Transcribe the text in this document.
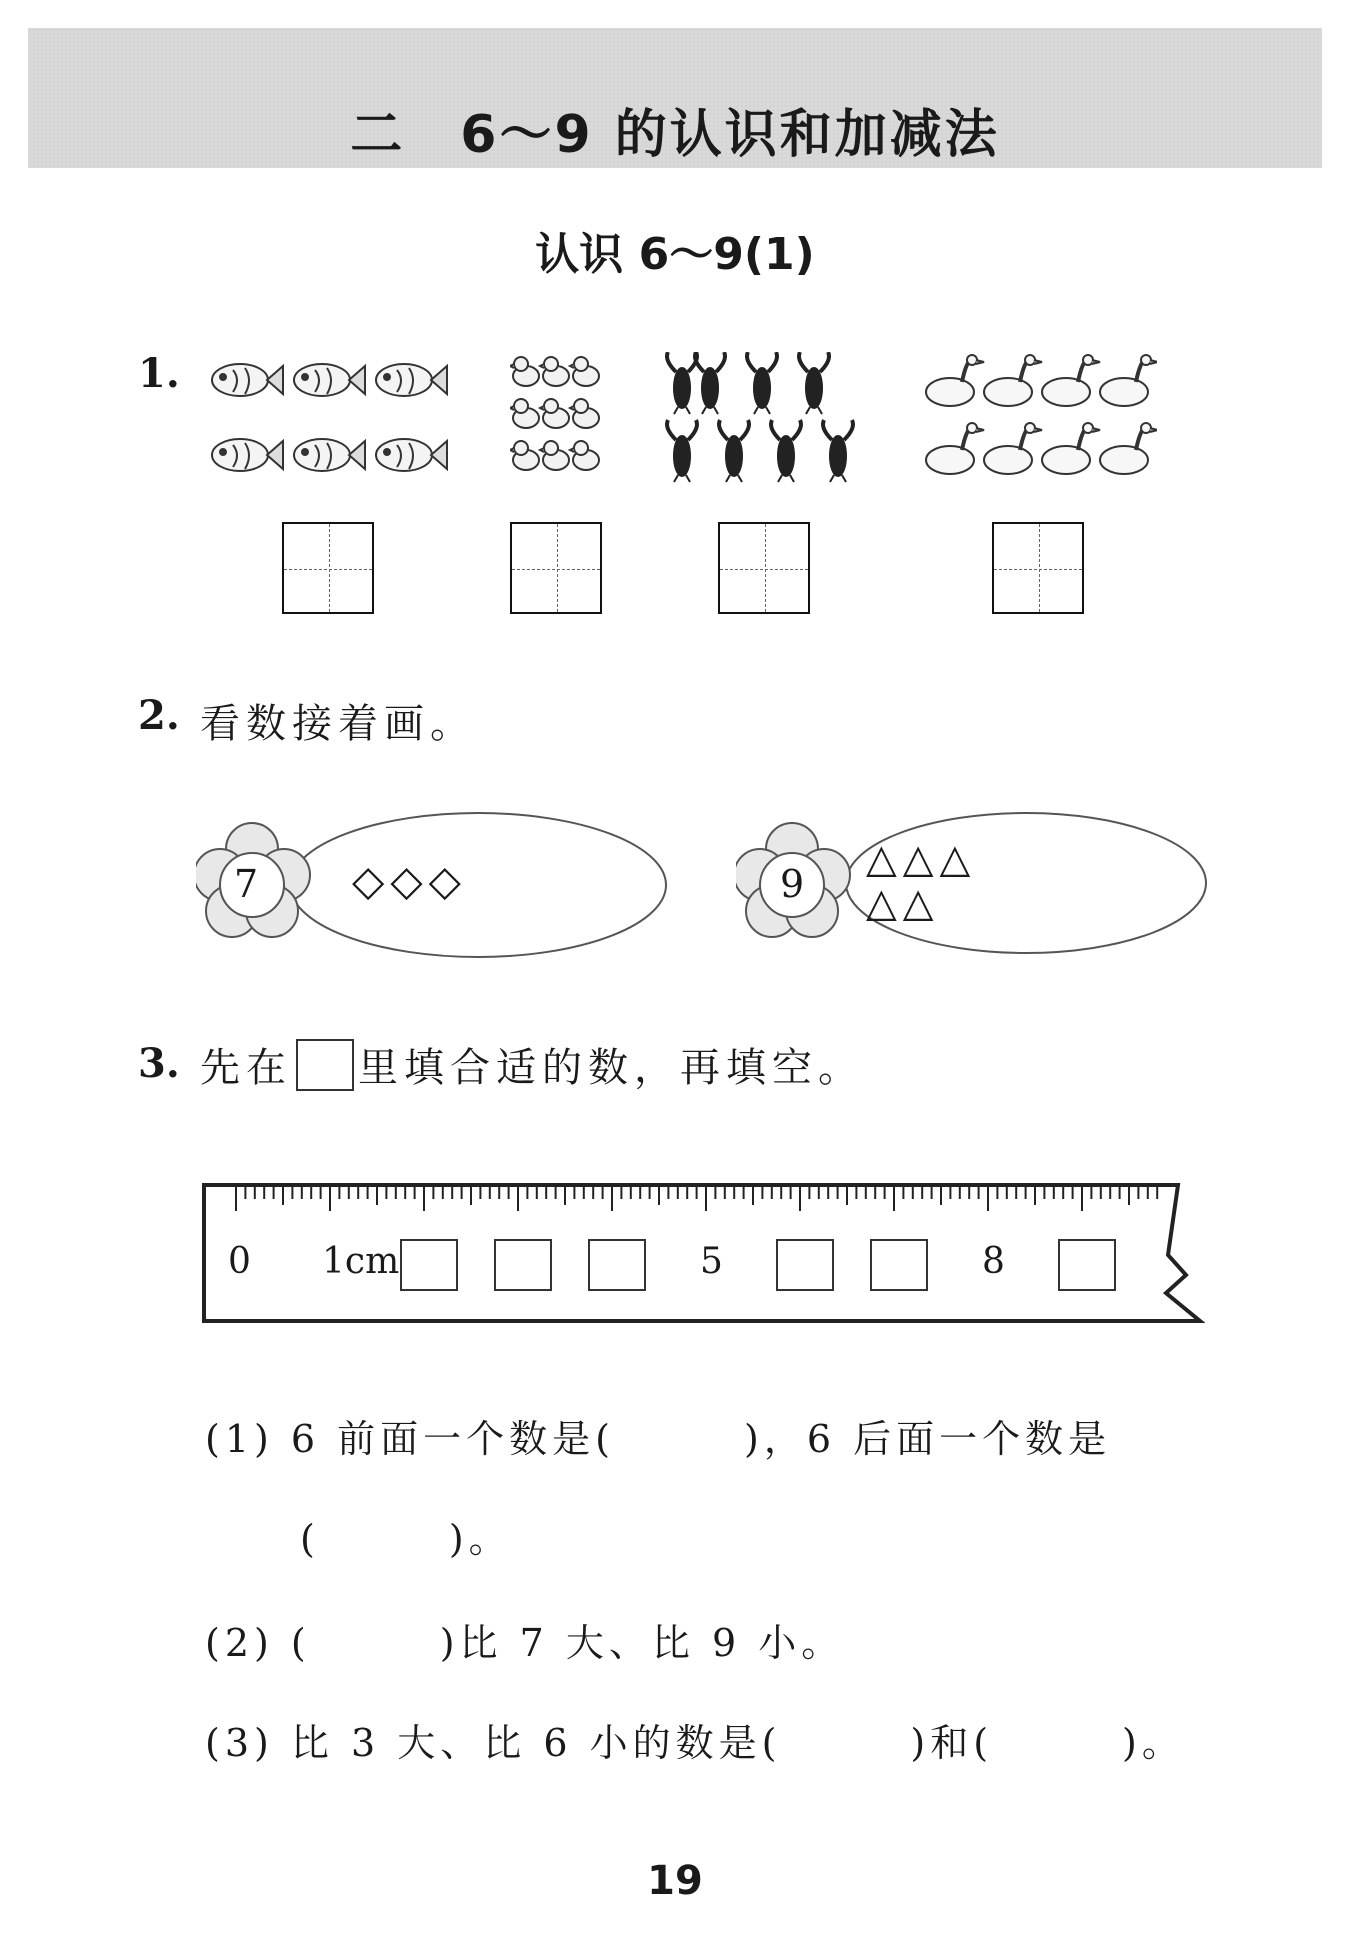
二　6～9 的认识和加减法
认识 6～9(1)
1.
2. 看数接着画。
7 ◇◇◇	9
△△△
△△
3. 先在 里填合适的数，再填空。
0 1cm	5	8
(1) 6 前面一个数是(　　　)，6 后面一个数是
(　　　)。
(2) (　　　)比 7 大、比 9 小。
(3) 比 3 大、比 6 小的数是(　　　)和(　　　)。
19
